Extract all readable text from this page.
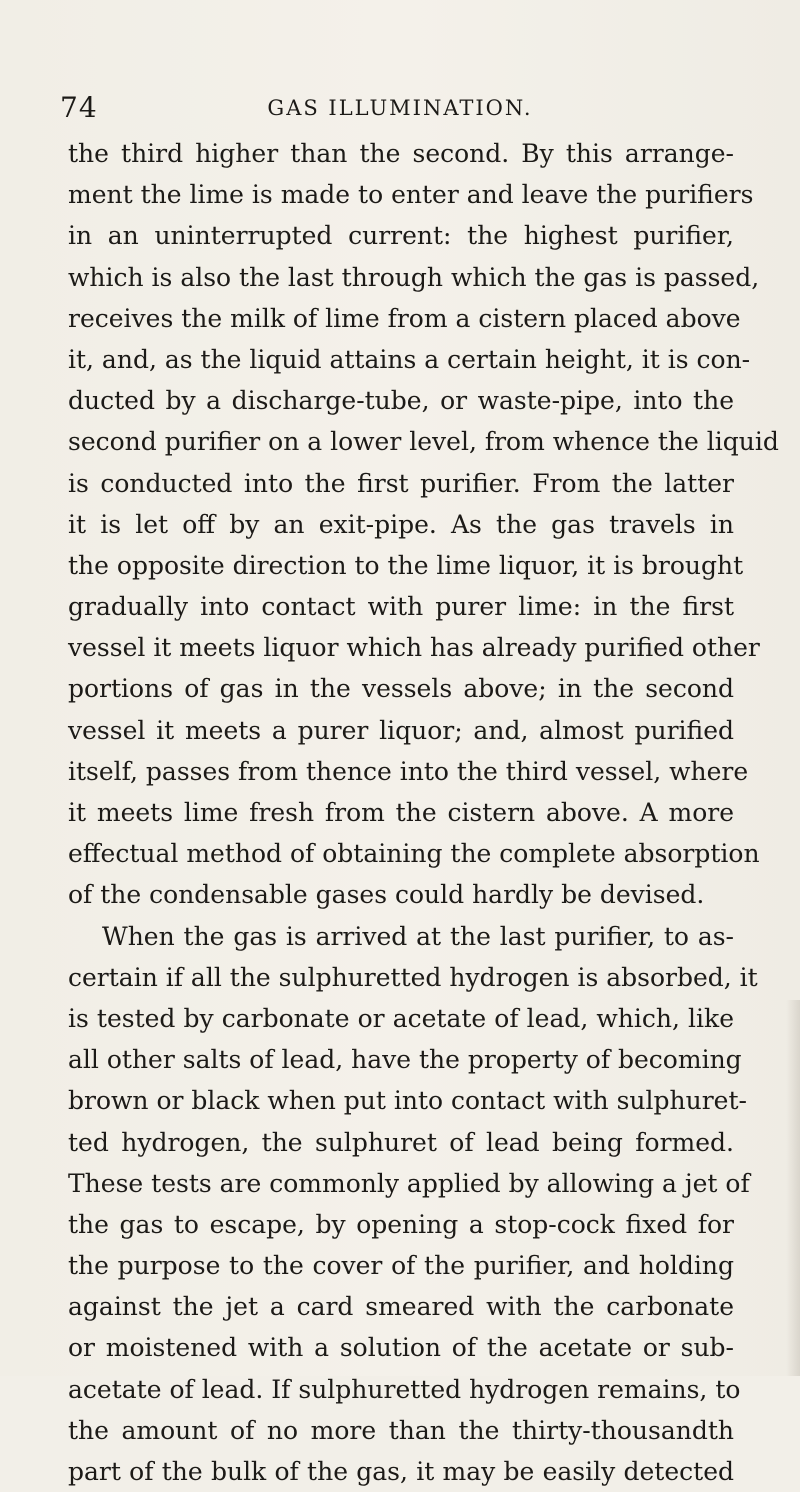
74	GAS ILLUMINATION.
the third higher than the second. By this arrange-
ment the lime is made to enter and leave the purifiers
in an uninterrupted current: the highest purifier,
which is also the last through which the gas is passed,
receives the milk of lime from a cistern placed above
it, and, as the liquid attains a certain height, it is con-
ducted by a discharge-tube, or waste-pipe, into the
second purifier on a lower level, from whence the liquid
is conducted into the first purifier. From the latter
it is let off by an exit-pipe. As the gas travels in
the opposite direction to the lime liquor, it is brought
gradually into contact with purer lime: in the first
vessel it meets liquor which has already purified other
portions of gas in the vessels above; in the second
vessel it meets a purer liquor; and, almost purified
itself, passes from thence into the third vessel, where
it meets lime fresh from the cistern above. A more
effectual method of obtaining the complete absorption
of the condensable gases could hardly be devised.
When the gas is arrived at the last purifier, to as-
certain if all the sulphuretted hydrogen is absorbed, it
is tested by carbonate or acetate of lead, which, like
all other salts of lead, have the property of becoming
brown or black when put into contact with sulphuret-
ted hydrogen, the sulphuret of lead being formed.
These tests are commonly applied by allowing a jet of
the gas to escape, by opening a stop-cock fixed for
the purpose to the cover of the purifier, and holding
against the jet a card smeared with the carbonate
or moistened with a solution of the acetate or sub-
acetate of lead. If sulphuretted hydrogen remains, to
the amount of no more than the thirty-thousandth
part of the bulk of the gas, it may be easily detected
